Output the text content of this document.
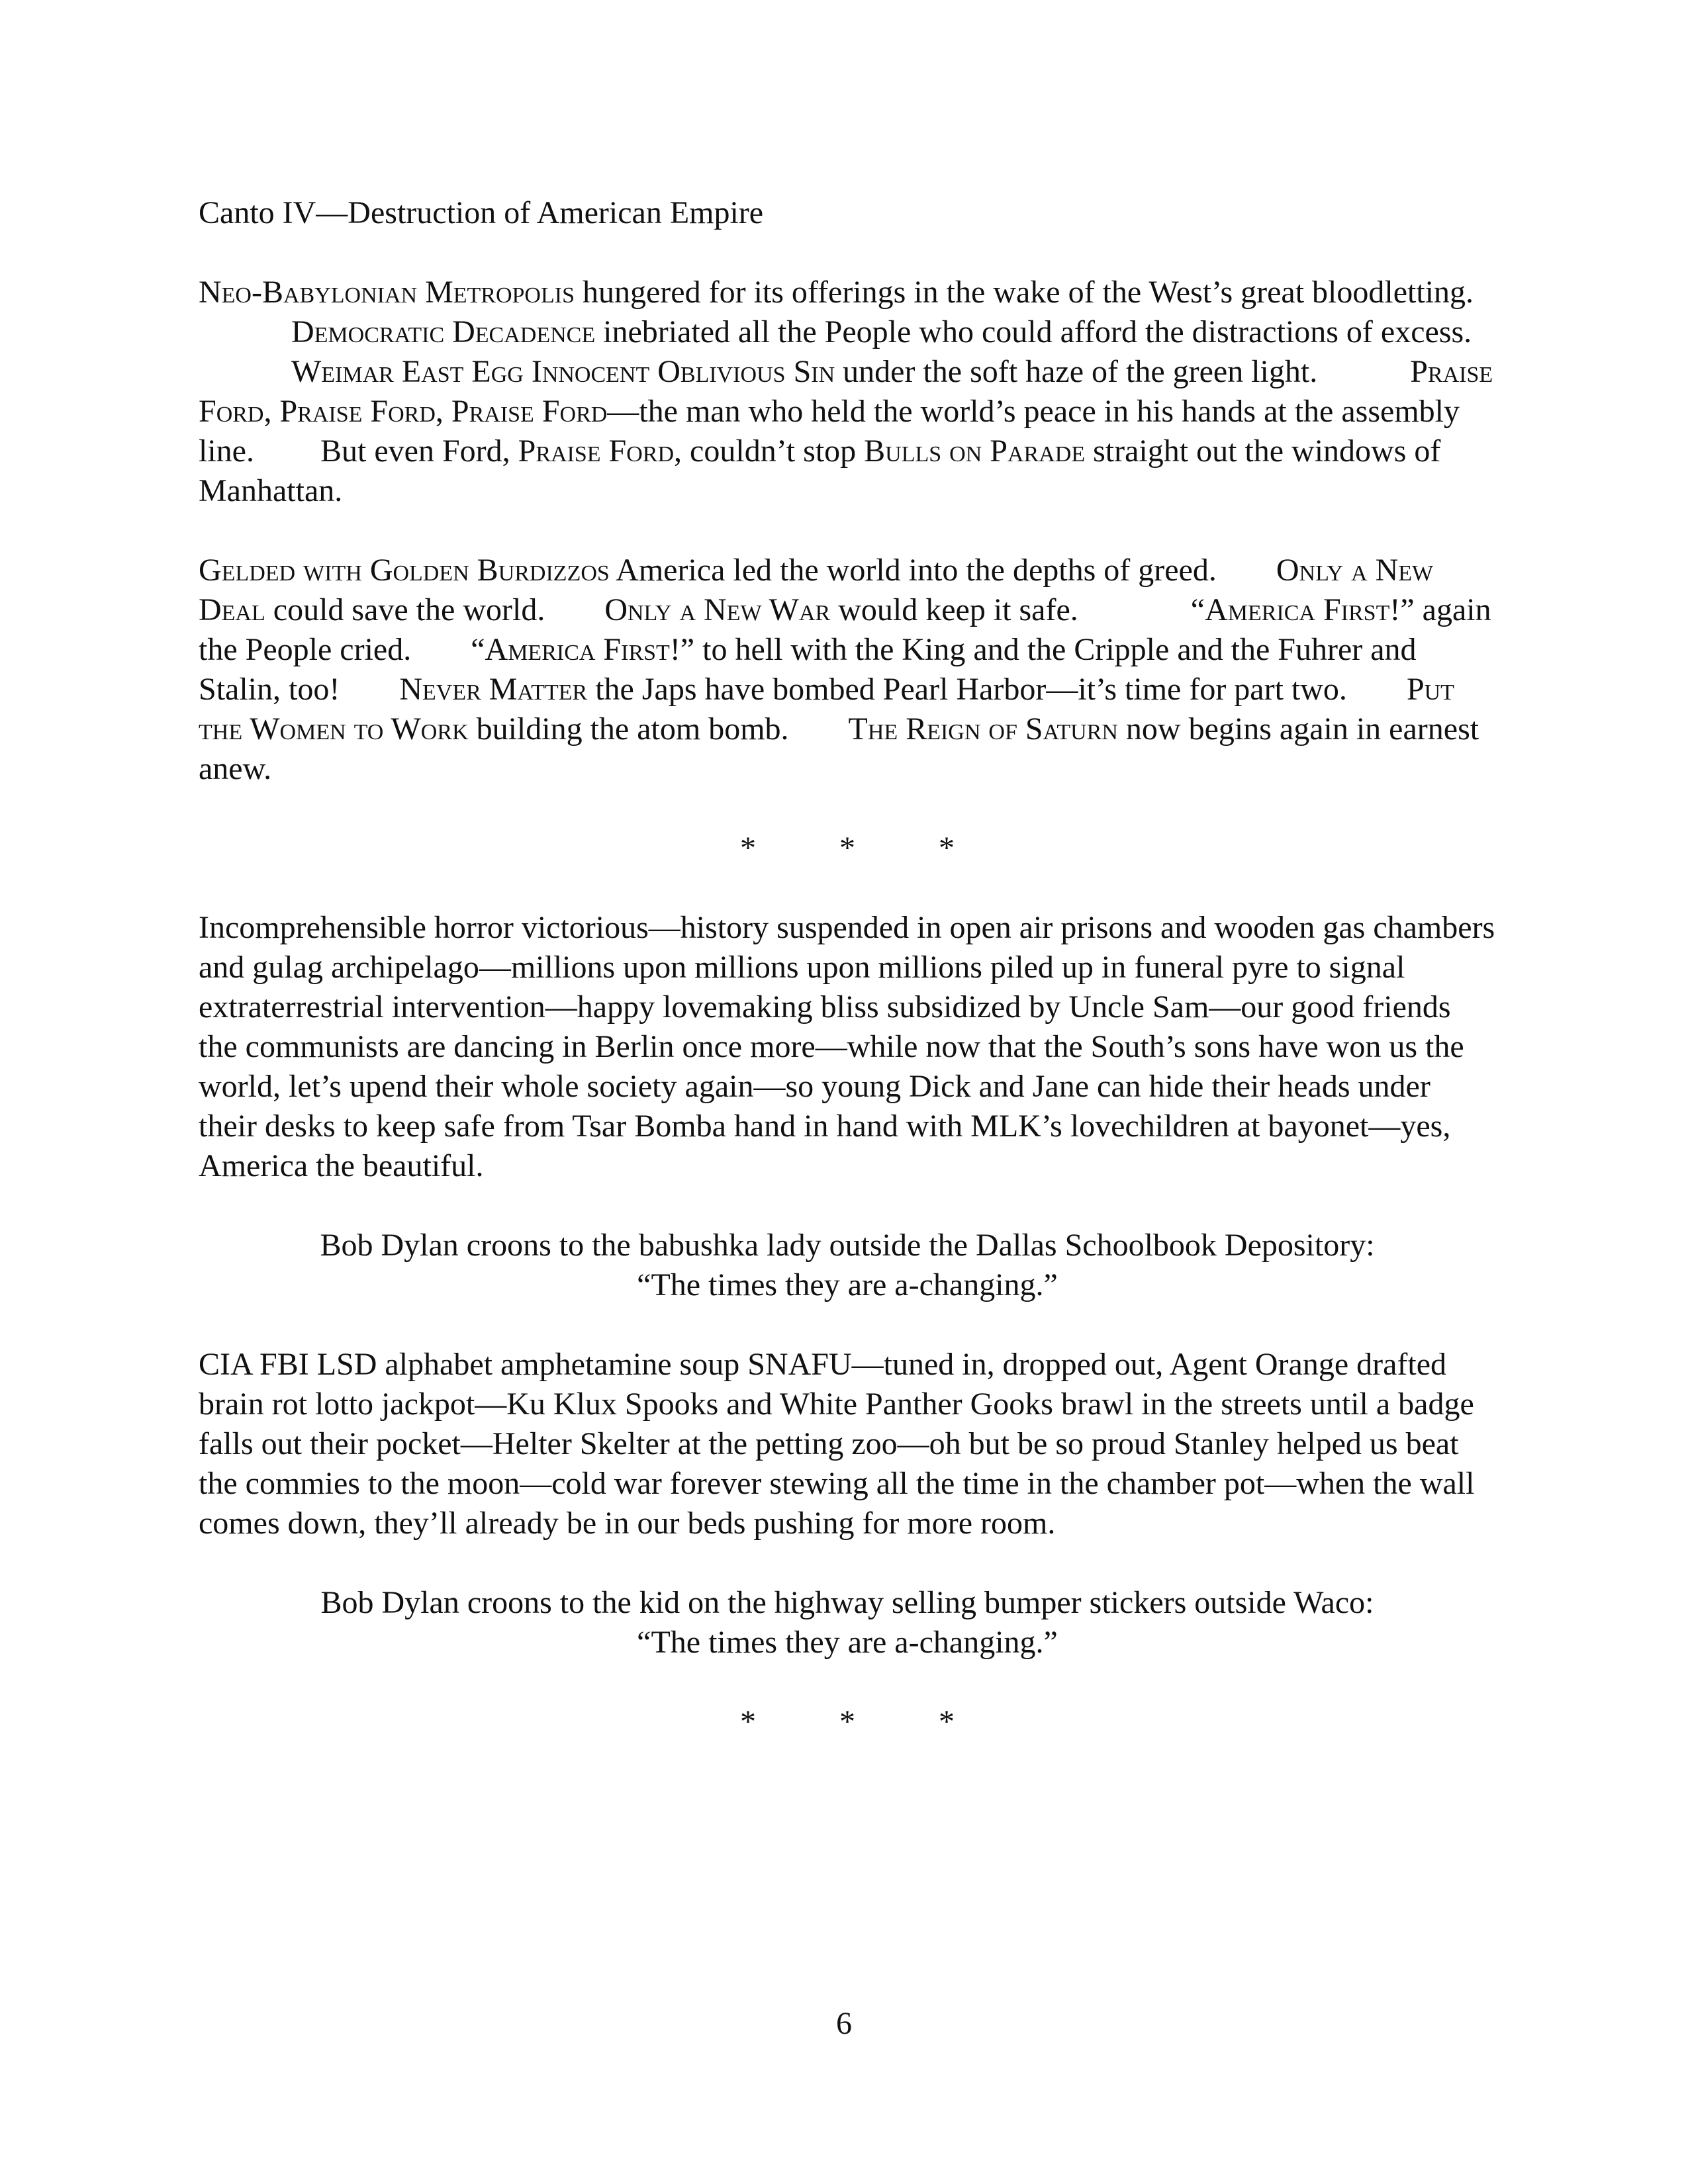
Canto IV—Destruction of American Empire

Neo-Babylonian Metropolis hungered for its offerings in the wake of the West’s great bloodletting.Democratic Decadence inebriated all the People who could afford the distractions of excess.Weimar East Egg Innocent Oblivious Sin under the soft haze of the green light.	Praise Ford, Praise Ford, Praise Ford—the man who held the world’s peace in his hands at the assembly line. But even Ford, Praise Ford, couldn’t stop Bulls on Parade straight out the windows of Manhattan.

Gelded with Golden Burdizzos America led the world into the depths of greed. Only a New Deal could save the world. Only a New War would keep it safe.	“America First!” again the People cried. “America First!” to hell with the King and the Cripple and the Fuhrer and Stalin, too! Never Matter the Japs have bombed Pearl Harbor—it’s time for part two. Put the Women to Work building the atom bomb. The Reign of Saturn now begins again in earnest anew.

*	*	*

Incomprehensible horror victorious—history suspended in open air prisons and wooden gas chambers and gulag archipelago—millions upon millions upon millions piled up in funeral pyre to signal extraterrestrial intervention—happy lovemaking bliss subsidized by Uncle Sam—our good friends the communists are dancing in Berlin once more—while now that the South’s sons have won us the world, let’s upend their whole society again—so young Dick and Jane can hide their heads under their desks to keep safe from Tsar Bomba hand in hand with MLK’s lovechildren at bayonet—yes, America the beautiful.

Bob Dylan croons to the babushka lady outside the Dallas Schoolbook Depository:
“The times they are a-changing.”

CIA FBI LSD alphabet amphetamine soup SNAFU—tuned in, dropped out, Agent Orange drafted brain rot lotto jackpot—Ku Klux Spooks and White Panther Gooks brawl in the streets until a badge falls out their pocket—Helter Skelter at the petting zoo—oh but be so proud Stanley helped us beat the commies to the moon—cold war forever stewing all the time in the chamber pot—when the wall comes down, they’ll already be in our beds pushing for more room.

Bob Dylan croons to the kid on the highway selling bumper stickers outside Waco:
“The times they are a-changing.”
*	*	*
6
